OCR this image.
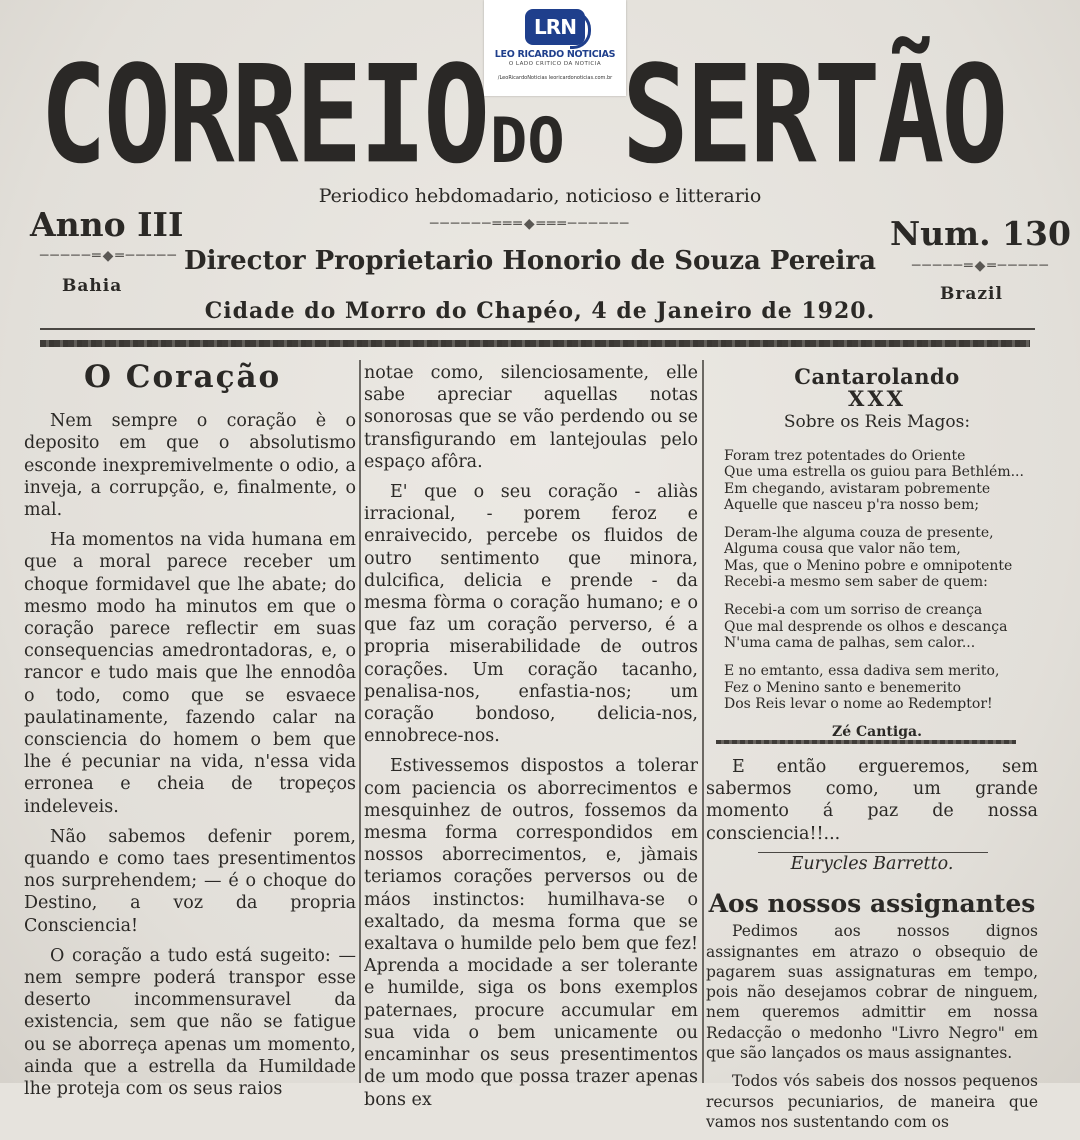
LRN
LEO RICARDO NOTICIAS
O LADO CRITICO DA NOTICIA
/LeoRicardoNoticias leoricardonoticias.com.br
CORREIO DO SERTÃO
Periodico hebdomadario, noticioso e litterario
──────═══◆═══──────
─────═◆═─────
─────═◆═─────
Anno III	Num. 130
Bahia	Brazil
Director Proprietario Honorio de Souza Pereira
Cidade do Morro do Chapéo, 4 de Janeiro de 1920.
O Coração

Nem sempre o coração è o deposito em que o absolutismo esconde inexpremivelmente o odio, a inveja, a corrupção, e, finalmente, o mal.

Ha momentos na vida humana em que a moral parece receber um choque formidavel que lhe abate; do mesmo modo ha minutos em que o coração parece reflectir em suas consequencias amedrontadoras, e, o rancor e tudo mais que lhe ennodôa o todo, como que se esvaece paulatinamente, fazendo calar na consciencia do homem o bem que lhe é pecuniar na vida, n'essa vida erronea e cheia de tropeços indeleveis.

Não sabemos defenir porem, quando e como taes presentimentos nos surprehendem; — é o choque do Destino, a voz da propria Consciencia!

O coração a tudo está sugeito: — nem sempre poderá transpor esse deserto incommensuravel da existencia, sem que não se fatigue ou se aborreça apenas um momento, ainda que a estrella da Humildade lhe proteja com os seus raios

notae como, silenciosamente, elle sabe apreciar aquellas notas sonorosas que se vão perdendo ou se transfigurando em lantejoulas pelo espaço afôra.

E' que o seu coração - aliàs irracional, - porem feroz e enraivecido, percebe os fluidos de outro sentimento que minora, dulcifica, delicia e prende - da mesma fòrma o coração humano; e o que faz um coração perverso, é a propria miserabilidade de outros corações. Um coração tacanho, penalisa-nos, enfastia-nos; um coração bondoso, delicia-nos, ennobrece-nos.

Estivessemos dispostos a tolerar com paciencia os aborrecimentos e mesquinhez de outros, fossemos da mesma forma correspondidos em nossos aborrecimentos, e, jàmais teriamos corações perversos ou de máos instinctos: humilhava-se o exaltado, da mesma forma que se exaltava o humilde pelo bem que fez! Aprenda a mocidade a ser tolerante e humilde, siga os bons exemplos paternaes, procure accumular em sua vida o bem unicamente ou encaminhar os seus presentimentos de um modo que possa trazer apenas bons ex

Cantarolando
XXX
Sobre os Reis Magos:
Foram trez potentades do Oriente
Que uma estrella os guiou para Bethlém...
Em chegando, avistaram pobremente
Aquelle que nasceu p'ra nosso bem;
Deram-lhe alguma couza de presente,
Alguma cousa que valor não tem,
Mas, que o Menino pobre e omnipotente
Recebi-a mesmo sem saber de quem:
Recebi-a com um sorriso de creança
Que mal desprende os olhos e descança
N'uma cama de palhas, sem calor...
E no emtanto, essa dadiva sem merito,
Fez o Menino santo e benemerito
Dos Reis levar o nome ao Redemptor!
Zé Cantiga.

E então ergueremos, sem sabermos como, um grande momento á paz de nossa consciencia!!...

Eurycles Barretto.

Aos nossos assignantes

Pedimos aos nossos dignos assignantes em atrazo o obsequio de pagarem suas assignaturas em tempo, pois não desejamos cobrar de ninguem, nem queremos admittir em nossa Redacção o medonho "Livro Negro" em que são lançados os maus assignantes.

Todos vós sabeis dos nossos pequenos recursos pecuniarios, de maneira que vamos nos sustentando com os
